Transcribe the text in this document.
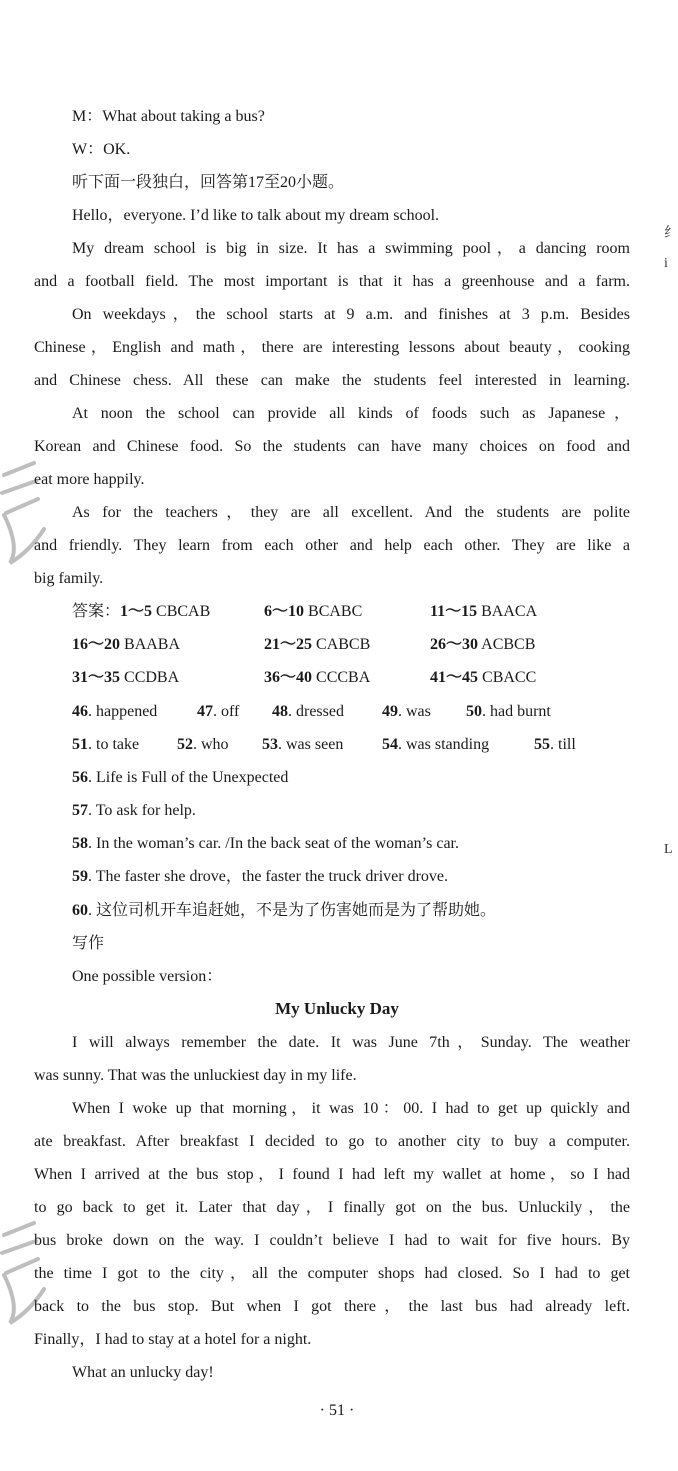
M：What about taking a bus?
W：OK.
听下面一段独白，回答第17至20小题。
Hello，everyone. I’d like to talk about my dream school.
My dream school is big in size. It has a swimming pool，a dancing room
and a football field. The most important is that it has a greenhouse and a farm.
On weekdays，the school starts at 9 a.m. and finishes at 3 p.m. Besides
Chinese，English and math，there are interesting lessons about beauty，cooking
and Chinese chess. All these can make the students feel interested in learning.
At noon the school can provide all kinds of foods such as Japanese，
Korean and Chinese food. So the students can have many choices on food and
eat more happily.
As for the teachers，they are all excellent. And the students are polite
and friendly. They learn from each other and help each other. They are like a
big family.
答案：1～5 CBCAB	6～10 BCABC	11～15 BAACA
16～20 BAABA	21～25 CABCB	26～30 ACBCB
31～35 CCDBA	36～40 CCCBA	41～45 CBACC
46. happened 47. off 48. dressed 49. was 50. had burnt
51. to take 52. who 53. was seen 54. was standing	55. till
56. Life is Full of the Unexpected
57. To ask for help.
58. In the woman’s car. /In the back seat of the woman’s car.
59. The faster she drove，the faster the truck driver drove.
60. 这位司机开车追赶她，不是为了伤害她而是为了帮助她。
写作
One possible version：
My Unlucky Day
I will always remember the date. It was June 7th，Sunday. The weather
was sunny. That was the unluckiest day in my life.
When I woke up that morning，it was 10：00. I had to get up quickly and
ate breakfast. After breakfast I decided to go to another city to buy a computer.
When I arrived at the bus stop，I found I had left my wallet at home，so I had
to go back to get it. Later that day，I finally got on the bus. Unluckily，the
bus broke down on the way. I couldn’t believe I had to wait for five hours. By
the time I got to the city，all the computer shops had closed. So I had to get
back to the bus stop. But when I got there，the last bus had already left.
Finally，I had to stay at a hotel for a night.
What an unlucky day!
· 51 ·
纟
i
L
